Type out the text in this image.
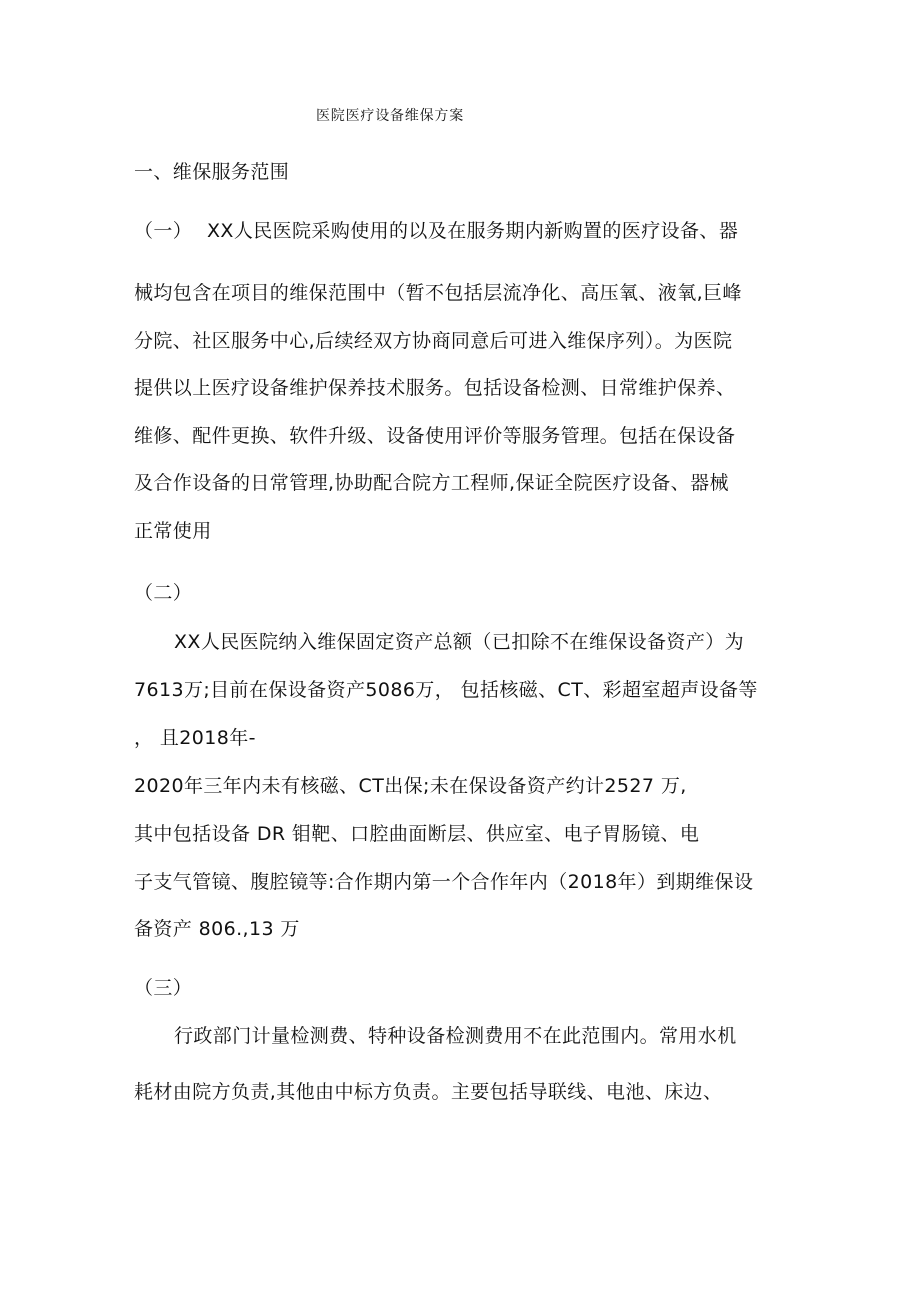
医院医疗设备维保方案
一、维保服务范围
（一） XX人民医院采购使用的以及在服务期内新购置的医疗设备、器
械均包含在项目的维保范围中（暂不包括层流净化、高压氧、液氧,巨峰
分院、社区服务中心,后续经双方协商同意后可进入维保序列）。为医院
提供以上医疗设备维护保养技术服务。包括设备检测、日常维护保养、
维修、配件更换、软件升级、设备使用评价等服务管理。包括在保设备
及合作设备的日常管理,协助配合院方工程师,保证全院医疗设备、器械
正常使用
（二）
XX人民医院纳入维保固定资产总额（已扣除不在维保设备资产）为
7613万;目前在保设备资产5086万， 包括核磁、CT、彩超室超声设备等
， 且2018年-
2020年三年内未有核磁、CT出保;未在保设备资产约计2527 万,
其中包括设备 DR 钼靶、口腔曲面断层、供应室、电子胃肠镜、电
子支气管镜、腹腔镜等:合作期内第一个合作年内（2018年）到期维保设
备资产 806.,13 万
（三）
行政部门计量检测费、特种设备检测费用不在此范围内。常用水机
耗材由院方负责,其他由中标方负责。主要包括导联线、电池、床边、
